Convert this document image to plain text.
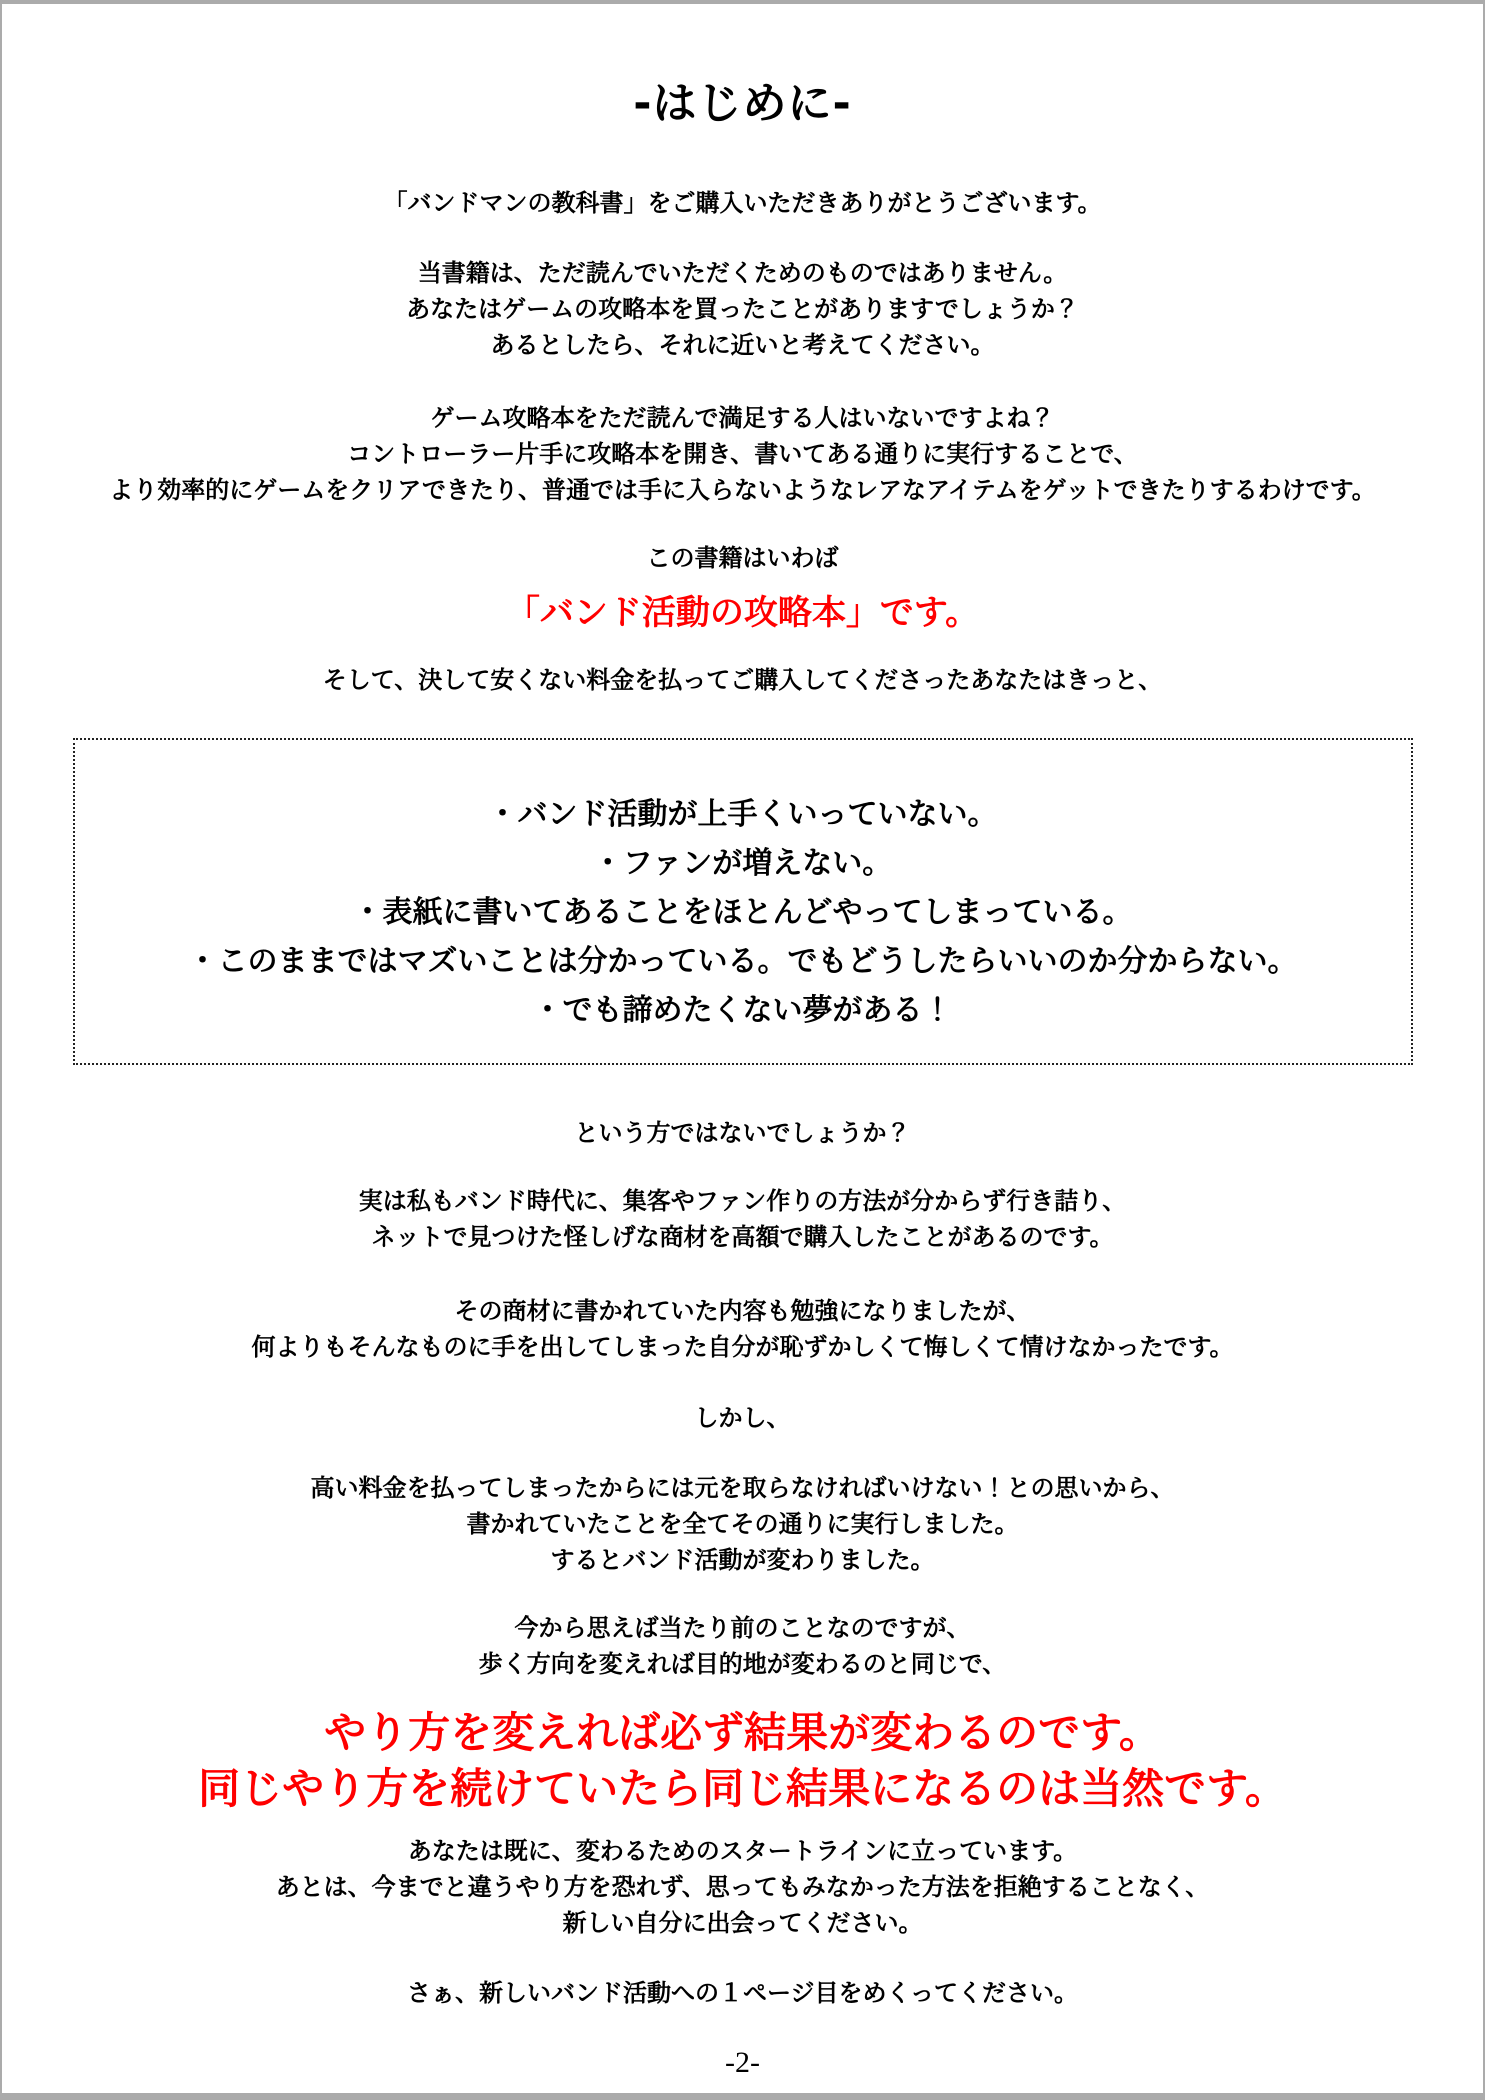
-はじめに-
「バンドマンの教科書」をご購入いただきありがとうございます。
当書籍は、ただ読んでいただくためのものではありません。
あなたはゲームの攻略本を買ったことがありますでしょうか？
あるとしたら、それに近いと考えてください。
ゲーム攻略本をただ読んで満足する人はいないですよね？
コントローラー片手に攻略本を開き、書いてある通りに実行することで、
より効率的にゲームをクリアできたり、普通では手に入らないようなレアなアイテムをゲットできたりするわけです。
この書籍はいわば
「バンド活動の攻略本」です。
そして、決して安くない料金を払ってご購入してくださったあなたはきっと、
・バンド活動が上手くいっていない。
・ファンが増えない。
・表紙に書いてあることをほとんどやってしまっている。
・このままではマズいことは分かっている。でもどうしたらいいのか分からない。
・でも諦めたくない夢がある！
という方ではないでしょうか？
実は私もバンド時代に、集客やファン作りの方法が分からず行き詰り、
ネットで見つけた怪しげな商材を高額で購入したことがあるのです。
その商材に書かれていた内容も勉強になりましたが、
何よりもそんなものに手を出してしまった自分が恥ずかしくて悔しくて情けなかったです。
しかし、
高い料金を払ってしまったからには元を取らなければいけない！との思いから、
書かれていたことを全てその通りに実行しました。
するとバンド活動が変わりました。
今から思えば当たり前のことなのですが、
歩く方向を変えれば目的地が変わるのと同じで、
やり方を変えれば必ず結果が変わるのです。
同じやり方を続けていたら同じ結果になるのは当然です。
あなたは既に、変わるためのスタートラインに立っています。
あとは、今までと違うやり方を恐れず、思ってもみなかった方法を拒絶することなく、
新しい自分に出会ってください。
さぁ、新しいバンド活動への１ページ目をめくってください。
-2-
